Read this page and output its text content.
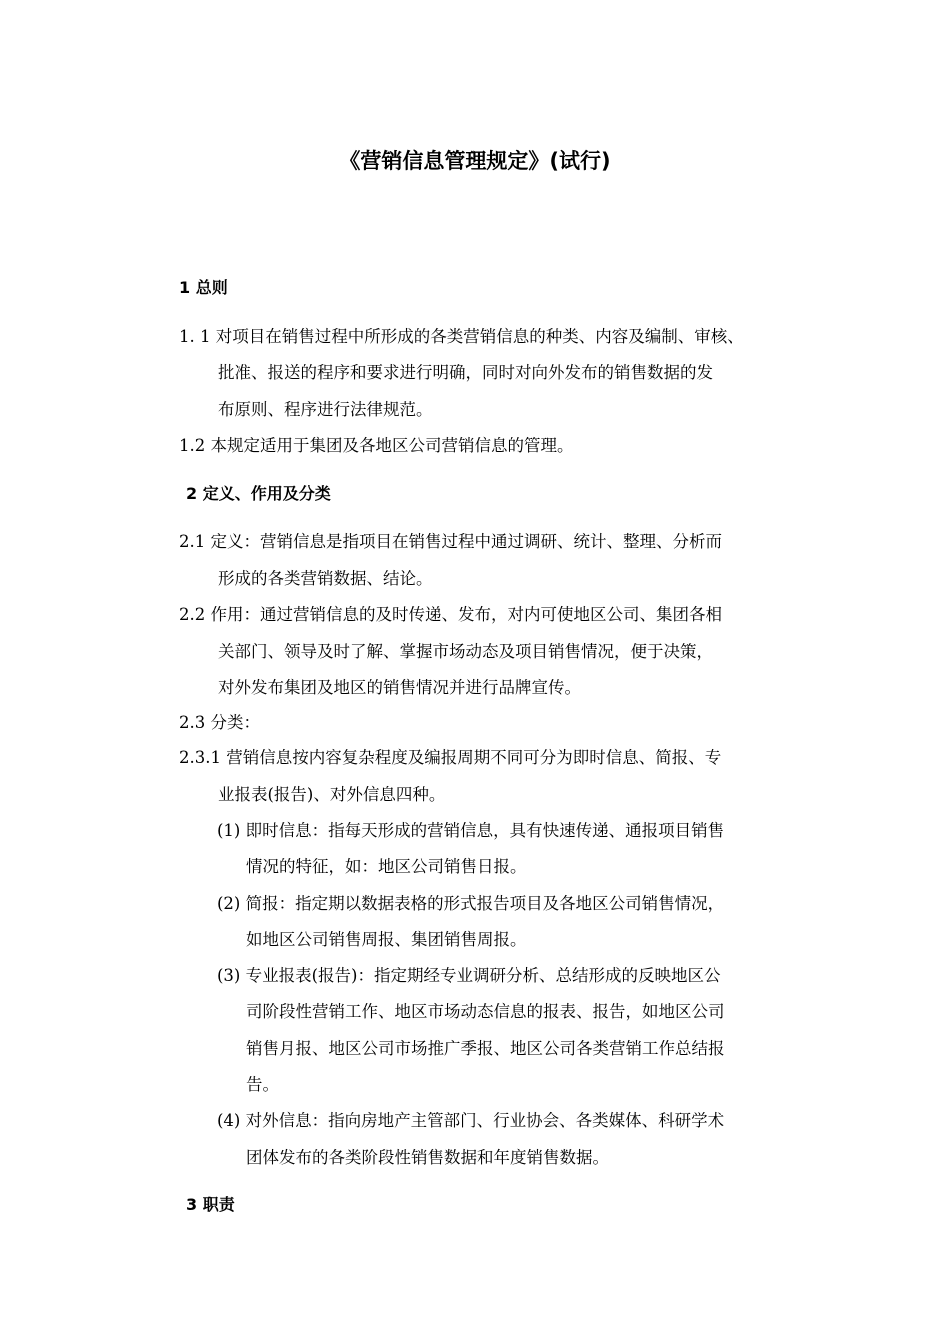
《营销信息管理规定》(试行)
1 总则
1. 1 对项目在销售过程中所形成的各类营销信息的种类、内容及编制、审核、
批准、报送的程序和要求进行明确，同时对向外发布的销售数据的发
布原则、程序进行法律规范。
1.2 本规定适用于集团及各地区公司营销信息的管理。
2 定义、作用及分类
2.1 定义：营销信息是指项目在销售过程中通过调研、统计、整理、分析而
形成的各类营销数据、结论。
2.2 作用：通过营销信息的及时传递、发布，对内可使地区公司、集团各相
关部门、领导及时了解、掌握市场动态及项目销售情况，便于决策，
对外发布集团及地区的销售情况并进行品牌宣传。
2.3 分类：
2.3.1 营销信息按内容复杂程度及编报周期不同可分为即时信息、简报、专
业报表(报告)、对外信息四种。
(1) 即时信息：指每天形成的营销信息，具有快速传递、通报项目销售
情况的特征，如：地区公司销售日报。
(2) 简报：指定期以数据表格的形式报告项目及各地区公司销售情况，
如地区公司销售周报、集团销售周报。
(3) 专业报表(报告)：指定期经专业调研分析、总结形成的反映地区公
司阶段性营销工作、地区市场动态信息的报表、报告，如地区公司
销售月报、地区公司市场推广季报、地区公司各类营销工作总结报
告。
(4) 对外信息：指向房地产主管部门、行业协会、各类媒体、科研学术
团体发布的各类阶段性销售数据和年度销售数据。
3 职责
